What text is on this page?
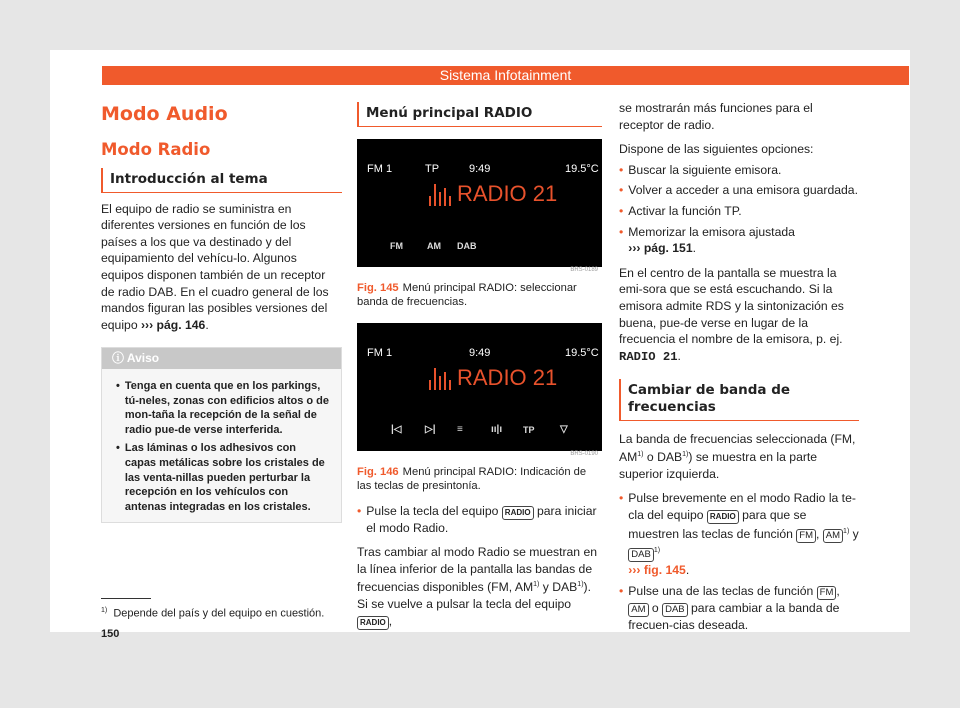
Sistema Infotainment
Modo Audio
Modo Radio
Introducción al tema

El equipo de radio se suministra en diferentes versiones en función de los países a los que va destinado y del equipamiento del vehícu-lo. Algunos equipos disponen también de un receptor de radio DAB. En el cuadro general de los mandos figuran las posibles versiones del equipo ››› pág. 146.

ⓘ Aviso
• Tenga en cuenta que en los parkings, tú-neles, zonas con edificios altos o de mon-taña la recepción de la señal de radio pue-de verse interferida.
• Las láminas o los adhesivos con capas metálicas sobre los cristales de las venta-nillas pueden perturbar la recepción en los vehículos con antenas integradas en los cristales.
Menú principal RADIO
FM 1	TP	9:49	19.5°C
RADIO 21
FM	AM DAB
BRS-0189
Fig. 145 Menú principal RADIO: seleccionar banda de frecuencias.
FM 1	9:49	19.5°C
RADIO 21
|◁ ▷| ≡	ıı|ı TP	▽
BRS-0190
Fig. 146 Menú principal RADIO: Indicación de las teclas de presintonía.
• Pulse la tecla del equipo RADIO para iniciar el modo Radio.

Tras cambiar al modo Radio se muestran en la línea inferior de la pantalla las bandas de frecuencias disponibles (FM, AM$^{1)}$ y DAB$^{1)}$). Si se vuelve a pulsar la tecla del equipo RADIO ,

se mostrarán más funciones para el receptor de radio.

Dispone de las siguientes opciones:

• Buscar la siguiente emisora.
• Volver a acceder a una emisora guardada.
• Activar la función TP.
• Memorizar la emisora ajustada
››› pág. 151.

En el centro de la pantalla se muestra la emi-sora que se está escuchando. Si la emisora admite RDS y la sintonización es buena, pue-de verse en lugar de la frecuencia el nombre de la emisora, p. ej. RADIO 21.

Cambiar de banda de frecuencias

La banda de frecuencias seleccionada (FM, AM$^{1)}$ o DAB$^{1)}$) se muestra en la parte superior izquierda.

• Pulse brevemente en el modo Radio la te-cla del equipo RADIO para que se muestren las teclas de función FM , AM $^{1)}$ y DAB $^{1)}$
››› fig. 145.
• Pulse una de las teclas de función FM , AM o DAB para cambiar a la banda de frecuen-cias deseada.
$^{1)}$ Depende del país y del equipo en cuestión.
150
